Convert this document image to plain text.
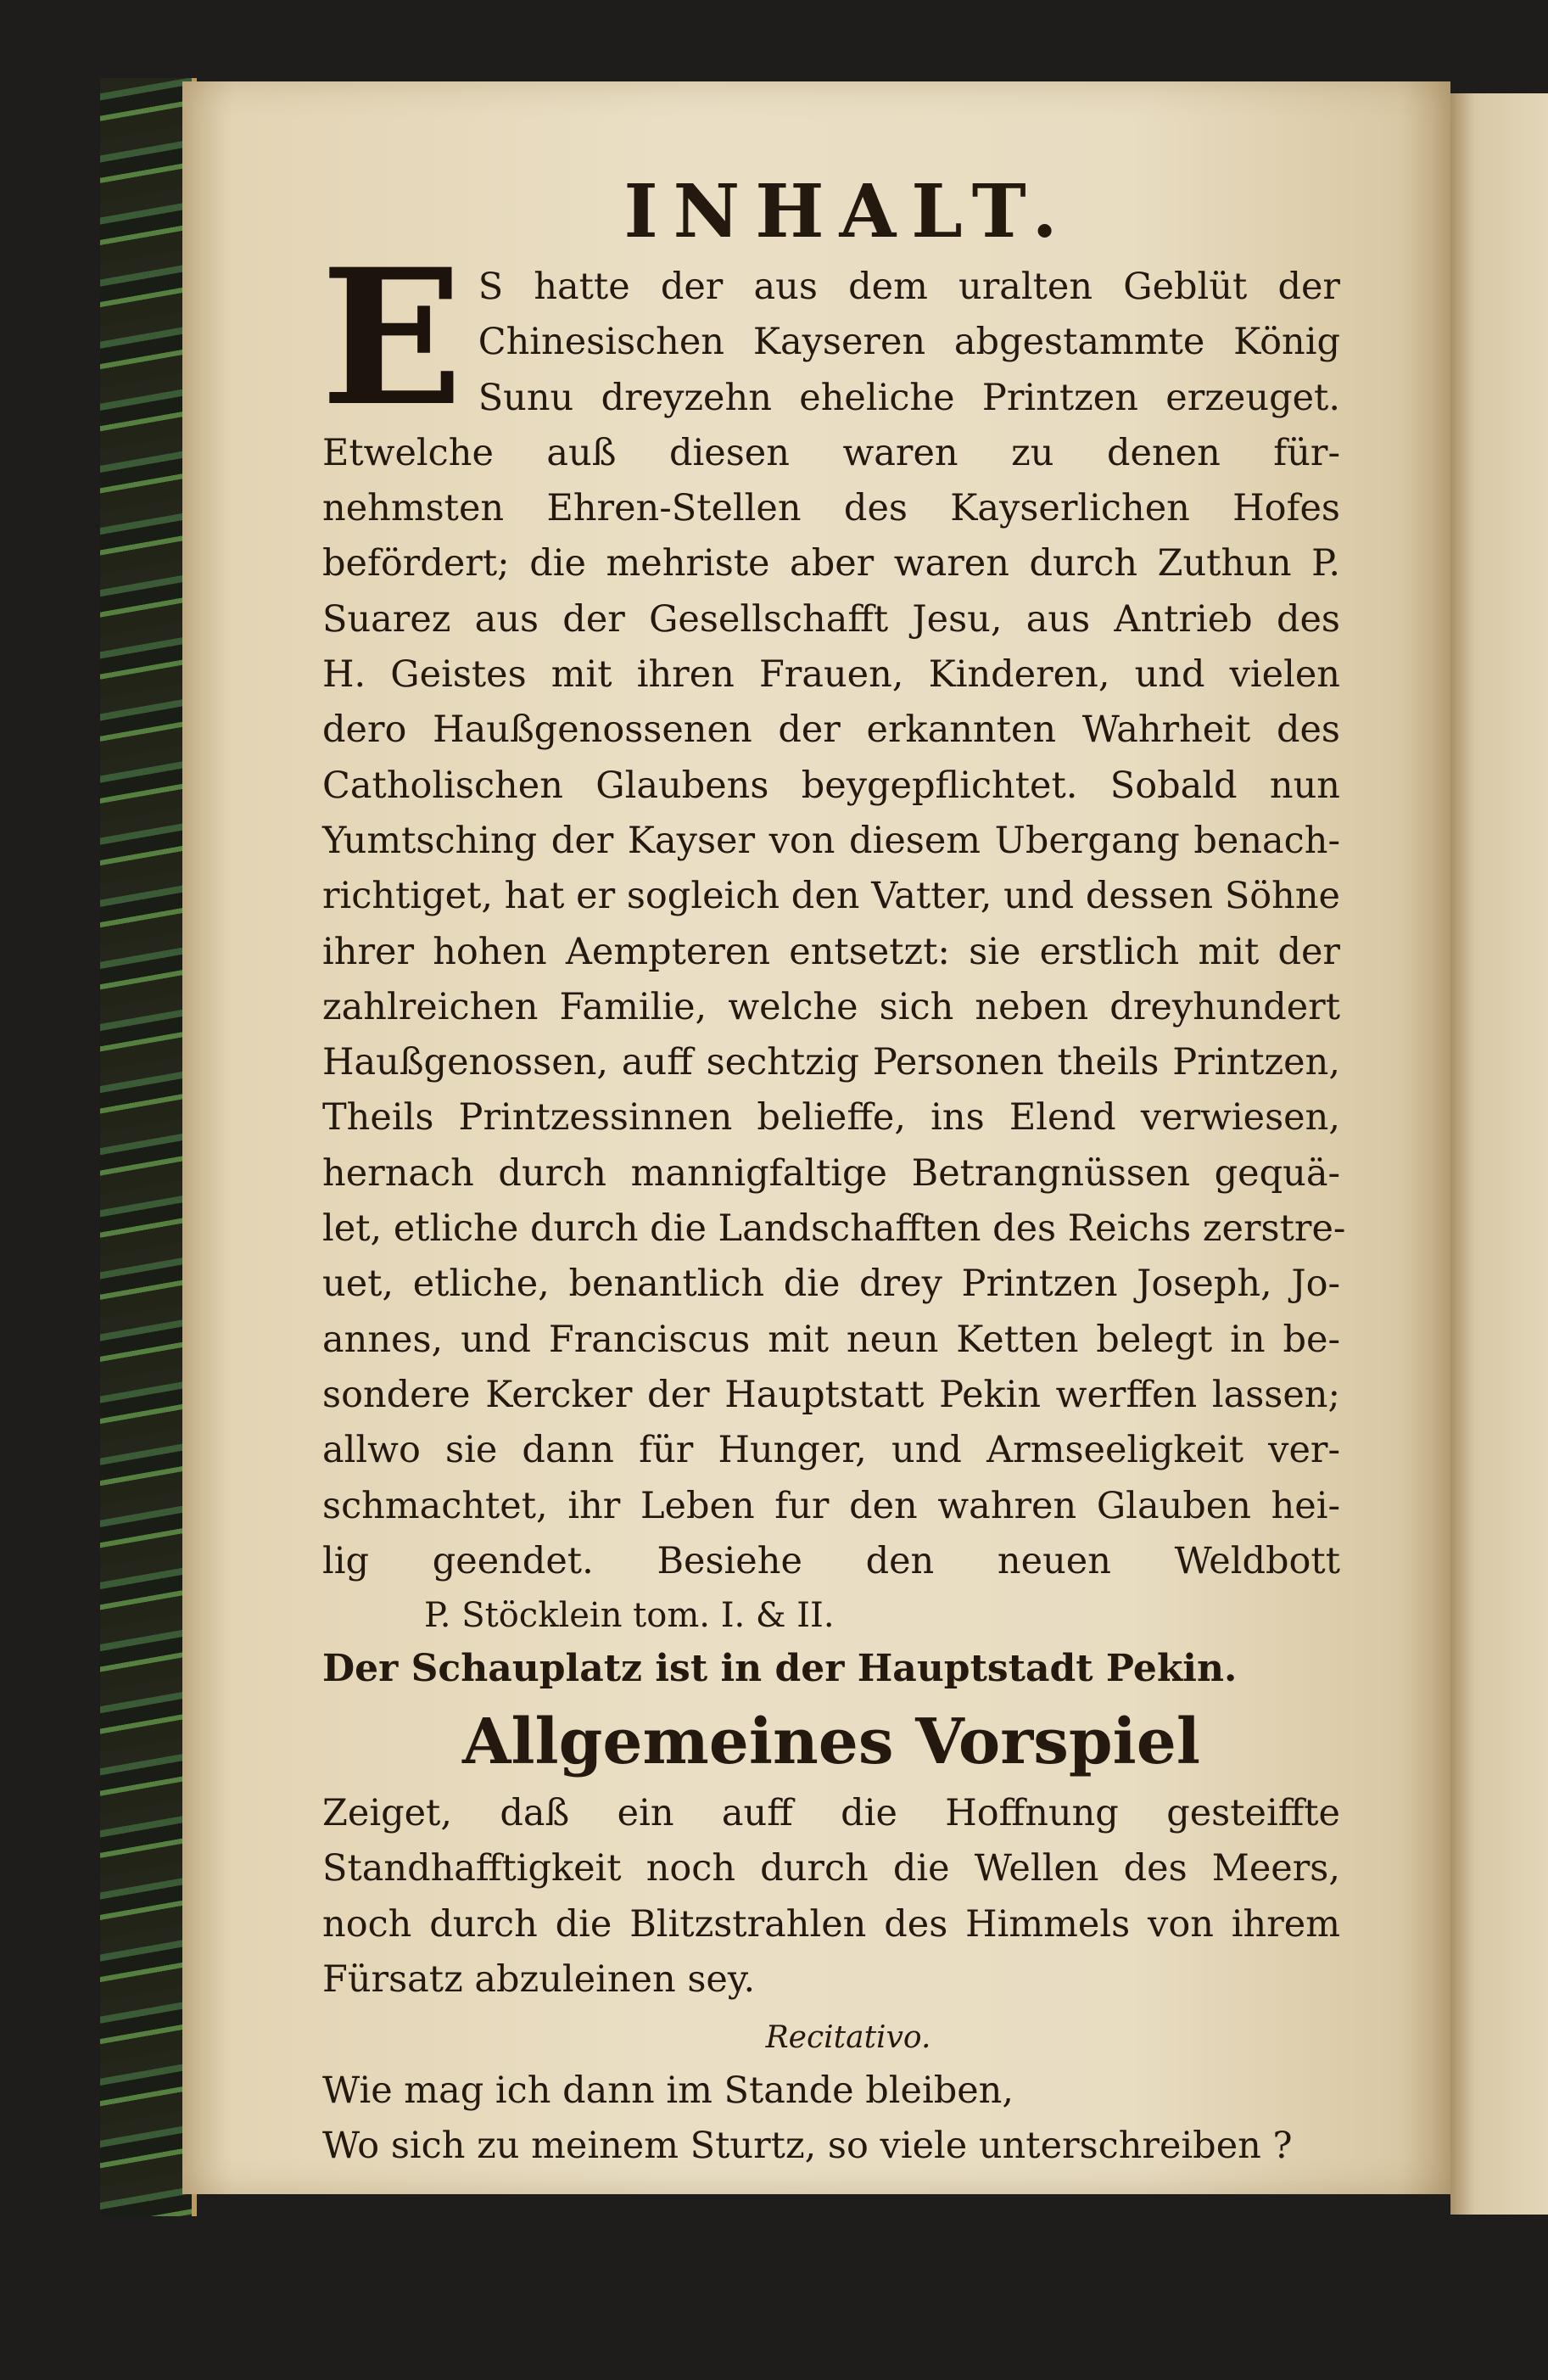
INHALT.
E S hatte der aus dem uralten Geblüt der
Chinesischen Kayseren abgestammte König
Sunu dreyzehn eheliche Printzen erzeuget.
Etwelche auß diesen waren zu denen für-
nehmsten Ehren-Stellen des Kayserlichen Hofes
befördert; die mehriste aber waren durch Zuthun P.
Suarez aus der Gesellschafft Jesu, aus Antrieb des
H. Geistes mit ihren Frauen, Kinderen, und vielen
dero Haußgenossenen der erkannten Wahrheit des
Catholischen Glaubens beygepflichtet. Sobald nun
Yumtsching der Kayser von diesem Ubergang benach-
richtiget, hat er sogleich den Vatter, und dessen Söhne
ihrer hohen Aempteren entsetzt: sie erstlich mit der
zahlreichen Familie, welche sich neben dreyhundert
Haußgenossen, auff sechtzig Personen theils Printzen,
Theils Printzessinnen belieffe, ins Elend verwiesen,
hernach durch mannigfaltige Betrangnüssen gequä-
let, etliche durch die Landschafften des Reichs zerstre-
uet, etliche, benantlich die drey Printzen Joseph, Jo-
annes, und Franciscus mit neun Ketten belegt in be-
sondere Kercker der Hauptstatt Pekin werffen lassen;
allwo sie dann für Hunger, und Armseeligkeit ver-
schmachtet, ihr Leben fur den wahren Glauben hei-
lig geendet. Besiehe den neuen Weldbott

P. Stöcklein tom. I. & II.

Der Schauplatz ist in der Hauptstadt Pekin.

Allgemeines Vorspiel
Zeiget, daß ein auff die Hoffnung gesteiffte
Standhafftigkeit noch durch die Wellen des Meers,
noch durch die Blitzstrahlen des Himmels von ihrem
Fürsatz abzuleinen sey.

Recitativo.

Wie mag ich dann im Stande bleiben,

Wo sich zu meinem Sturtz, so viele unterschreiben ?
